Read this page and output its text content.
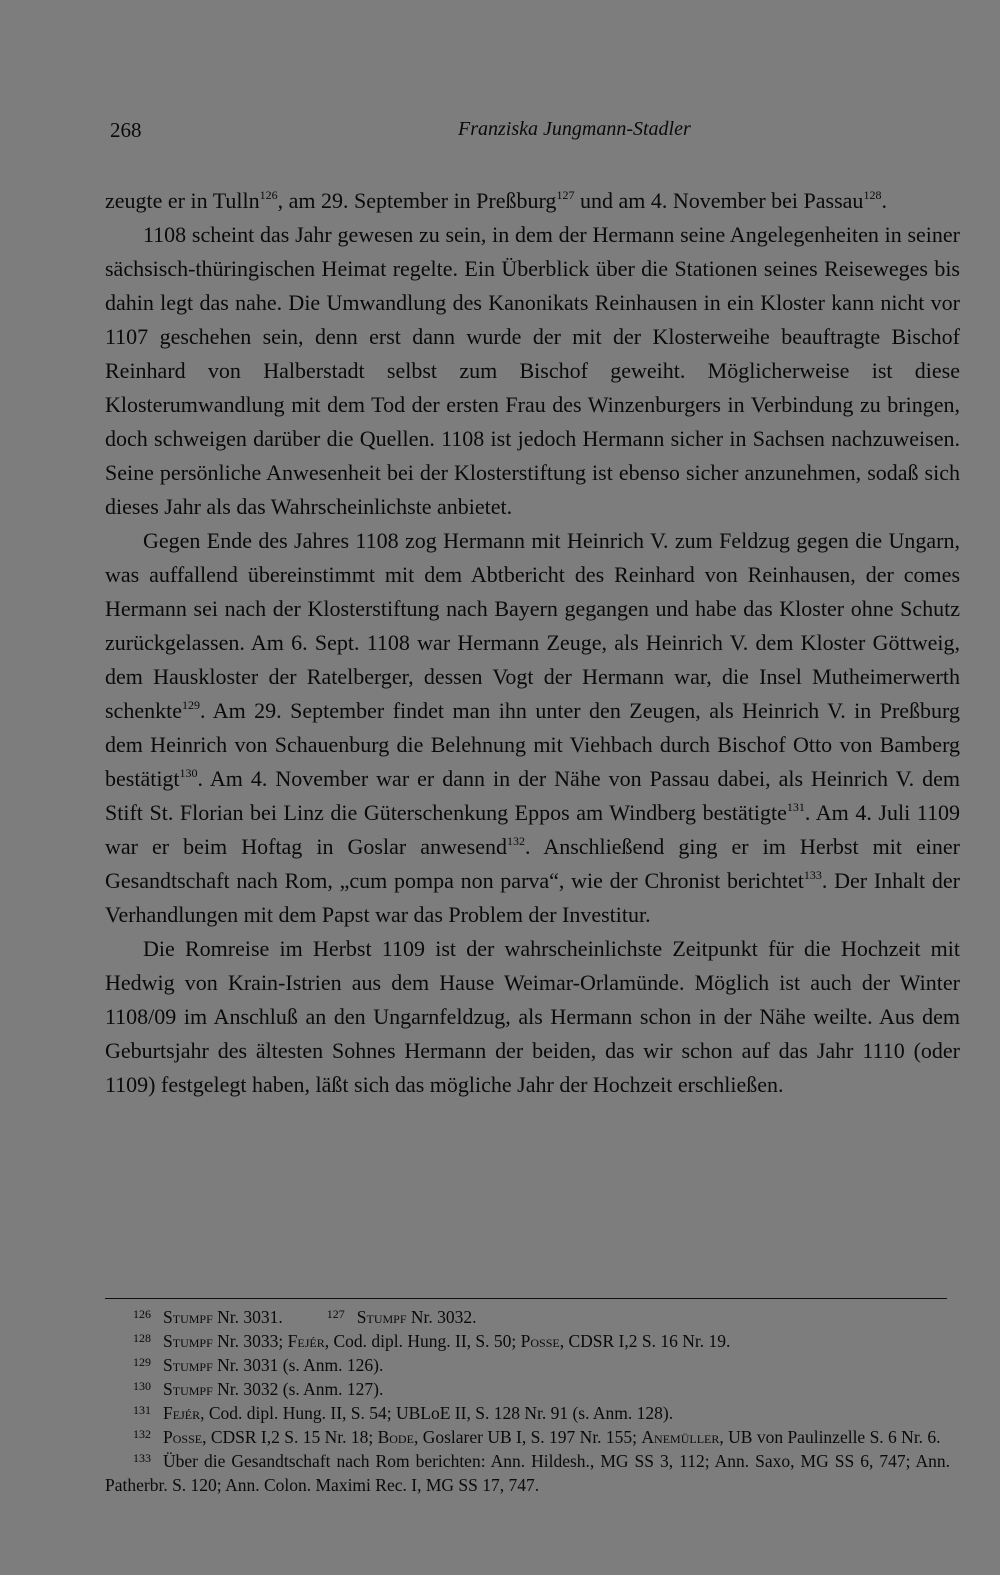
268	Franziska Jungmann-Stadler

zeugte er in Tulln$^{126}$, am 29. September in Preßburg$^{127}$ und am 4. November bei Passau$^{128}$.

1108 scheint das Jahr gewesen zu sein, in dem der Hermann seine Angelegenheiten in seiner sächsisch-thüringischen Heimat regelte. Ein Überblick über die Stationen seines Reiseweges bis dahin legt das nahe. Die Umwandlung des Kanonikats Reinhausen in ein Kloster kann nicht vor 1107 geschehen sein, denn erst dann wurde der mit der Klosterweihe beauftragte Bischof Reinhard von Halberstadt selbst zum Bischof geweiht. Möglicherweise ist diese Klosterumwandlung mit dem Tod der ersten Frau des Winzenburgers in Verbindung zu bringen, doch schweigen darüber die Quellen. 1108 ist jedoch Hermann sicher in Sachsen nachzuweisen. Seine persönliche Anwesenheit bei der Klosterstiftung ist ebenso sicher anzunehmen, sodaß sich dieses Jahr als das Wahrscheinlichste anbietet.

Gegen Ende des Jahres 1108 zog Hermann mit Heinrich V. zum Feldzug gegen die Ungarn, was auffallend übereinstimmt mit dem Abtbericht des Reinhard von Reinhausen, der comes Hermann sei nach der Klosterstiftung nach Bayern gegangen und habe das Kloster ohne Schutz zurückgelassen. Am 6. Sept. 1108 war Hermann Zeuge, als Heinrich V. dem Kloster Göttweig, dem Hauskloster der Ratelberger, dessen Vogt der Hermann war, die Insel Mutheimerwerth schenkte$^{129}$. Am 29. September findet man ihn unter den Zeugen, als Heinrich V. in Preßburg dem Heinrich von Schauenburg die Belehnung mit Viehbach durch Bischof Otto von Bamberg bestätigt$^{130}$. Am 4. November war er dann in der Nähe von Passau dabei, als Heinrich V. dem Stift St. Florian bei Linz die Güterschenkung Eppos am Windberg bestätigte$^{131}$. Am 4. Juli 1109 war er beim Hoftag in Goslar anwesend$^{132}$. Anschließend ging er im Herbst mit einer Gesandtschaft nach Rom, „cum pompa non parva“, wie der Chronist berichtet$^{133}$. Der Inhalt der Verhandlungen mit dem Papst war das Problem der Investitur.

Die Romreise im Herbst 1109 ist der wahrscheinlichste Zeitpunkt für die Hochzeit mit Hedwig von Krain-Istrien aus dem Hause Weimar-Orlamünde. Möglich ist auch der Winter 1108/09 im Anschluß an den Ungarnfeldzug, als Hermann schon in der Nähe weilte. Aus dem Geburtsjahr des ältesten Sohnes Hermann der beiden, das wir schon auf das Jahr 1110 (oder 1109) festgelegt haben, läßt sich das mögliche Jahr der Hochzeit erschließen.

126 Stumpf Nr. 3031.	127 Stumpf Nr. 3032.

128 Stumpf Nr. 3033; Fejér, Cod. dipl. Hung. II, S. 50; Posse, CDSR I,2 S. 16 Nr. 19.

129 Stumpf Nr. 3031 (s. Anm. 126).

130 Stumpf Nr. 3032 (s. Anm. 127).

131 Fejér, Cod. dipl. Hung. II, S. 54; UBLoE II, S. 128 Nr. 91 (s. Anm. 128).

132 Posse, CDSR I,2 S. 15 Nr. 18; Bode, Goslarer UB I, S. 197 Nr. 155; Anemüller, UB von Paulinzelle S. 6 Nr. 6.

133 Über die Gesandtschaft nach Rom berichten: Ann. Hildesh., MG SS 3, 112; Ann. Saxo, MG SS 6, 747; Ann. Patherbr. S. 120; Ann. Colon. Maximi Rec. I, MG SS 17, 747.
